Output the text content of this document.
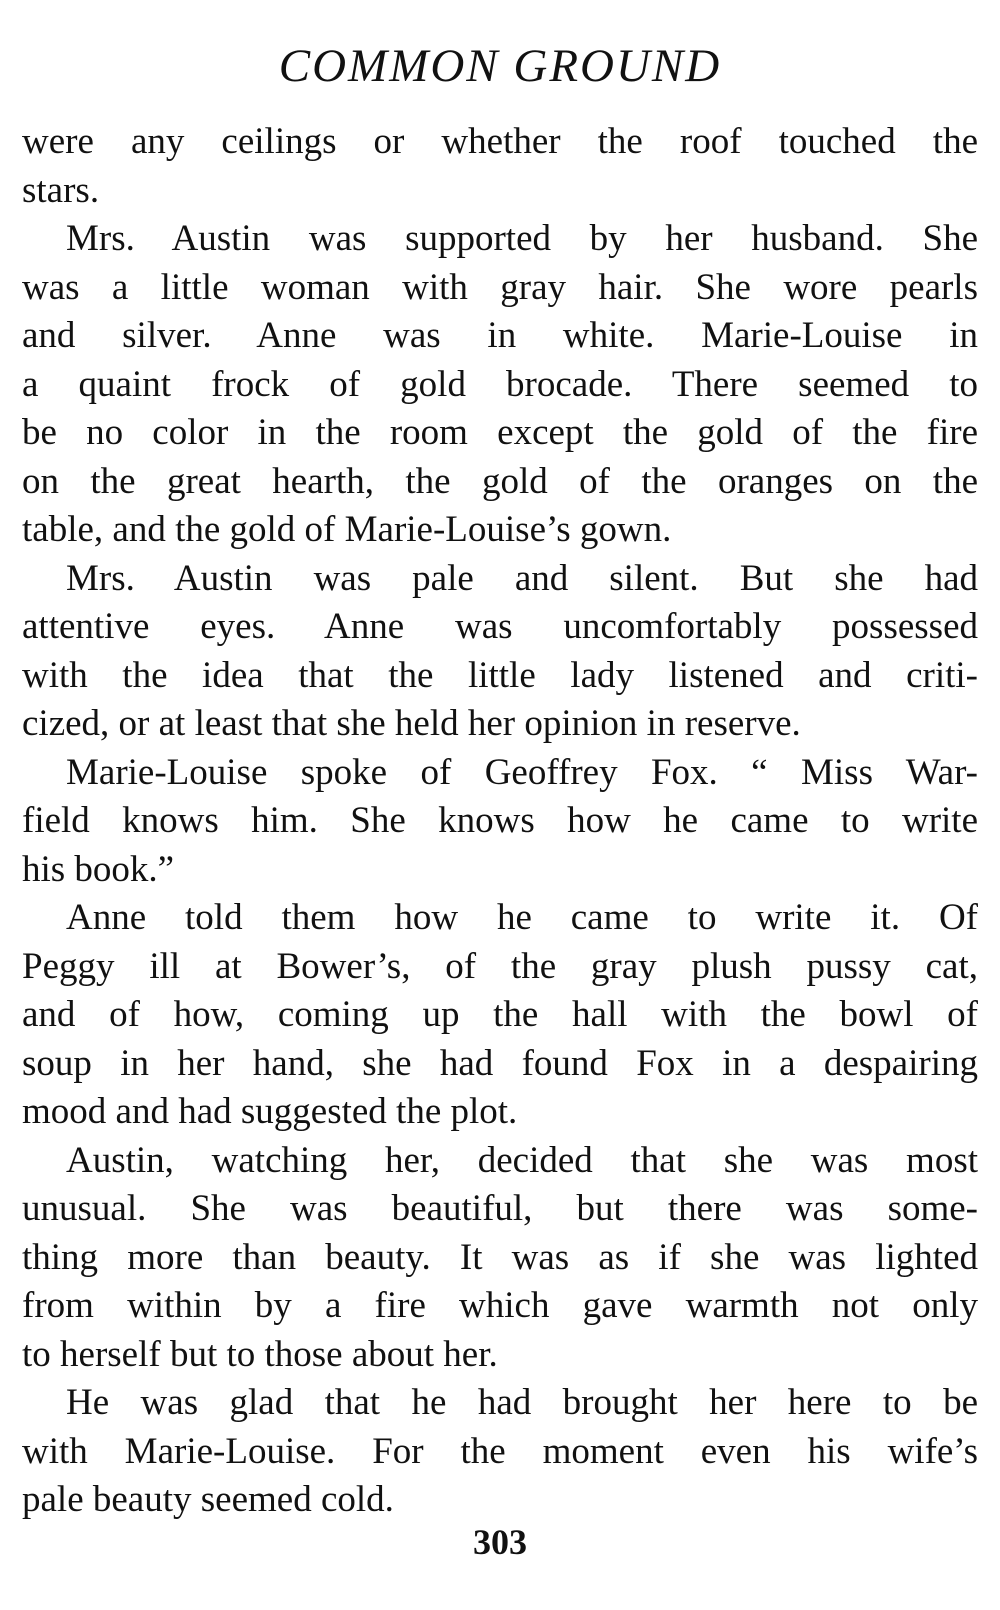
COMMON GROUND
were any ceilings or whether the roof touched the
stars.
Mrs. Austin was supported by her husband. She
was a little woman with gray hair. She wore pearls
and silver. Anne was in white. Marie-Louise in
a quaint frock of gold brocade. There seemed to
be no color in the room except the gold of the fire
on the great hearth, the gold of the oranges on the
table, and the gold of Marie-Louise’s gown.
Mrs. Austin was pale and silent. But she had
attentive eyes. Anne was uncomfortably possessed
with the idea that the little lady listened and criti-
cized, or at least that she held her opinion in reserve.
Marie-Louise spoke of Geoffrey Fox. “ Miss War-
field knows him. She knows how he came to write
his book.”
Anne told them how he came to write it. Of
Peggy ill at Bower’s, of the gray plush pussy cat,
and of how, coming up the hall with the bowl of
soup in her hand, she had found Fox in a despairing
mood and had suggested the plot.
Austin, watching her, decided that she was most
unusual. She was beautiful, but there was some-
thing more than beauty. It was as if she was lighted
from within by a fire which gave warmth not only
to herself but to those about her.
He was glad that he had brought her here to be
with Marie-Louise. For the moment even his wife’s
pale beauty seemed cold.
303
